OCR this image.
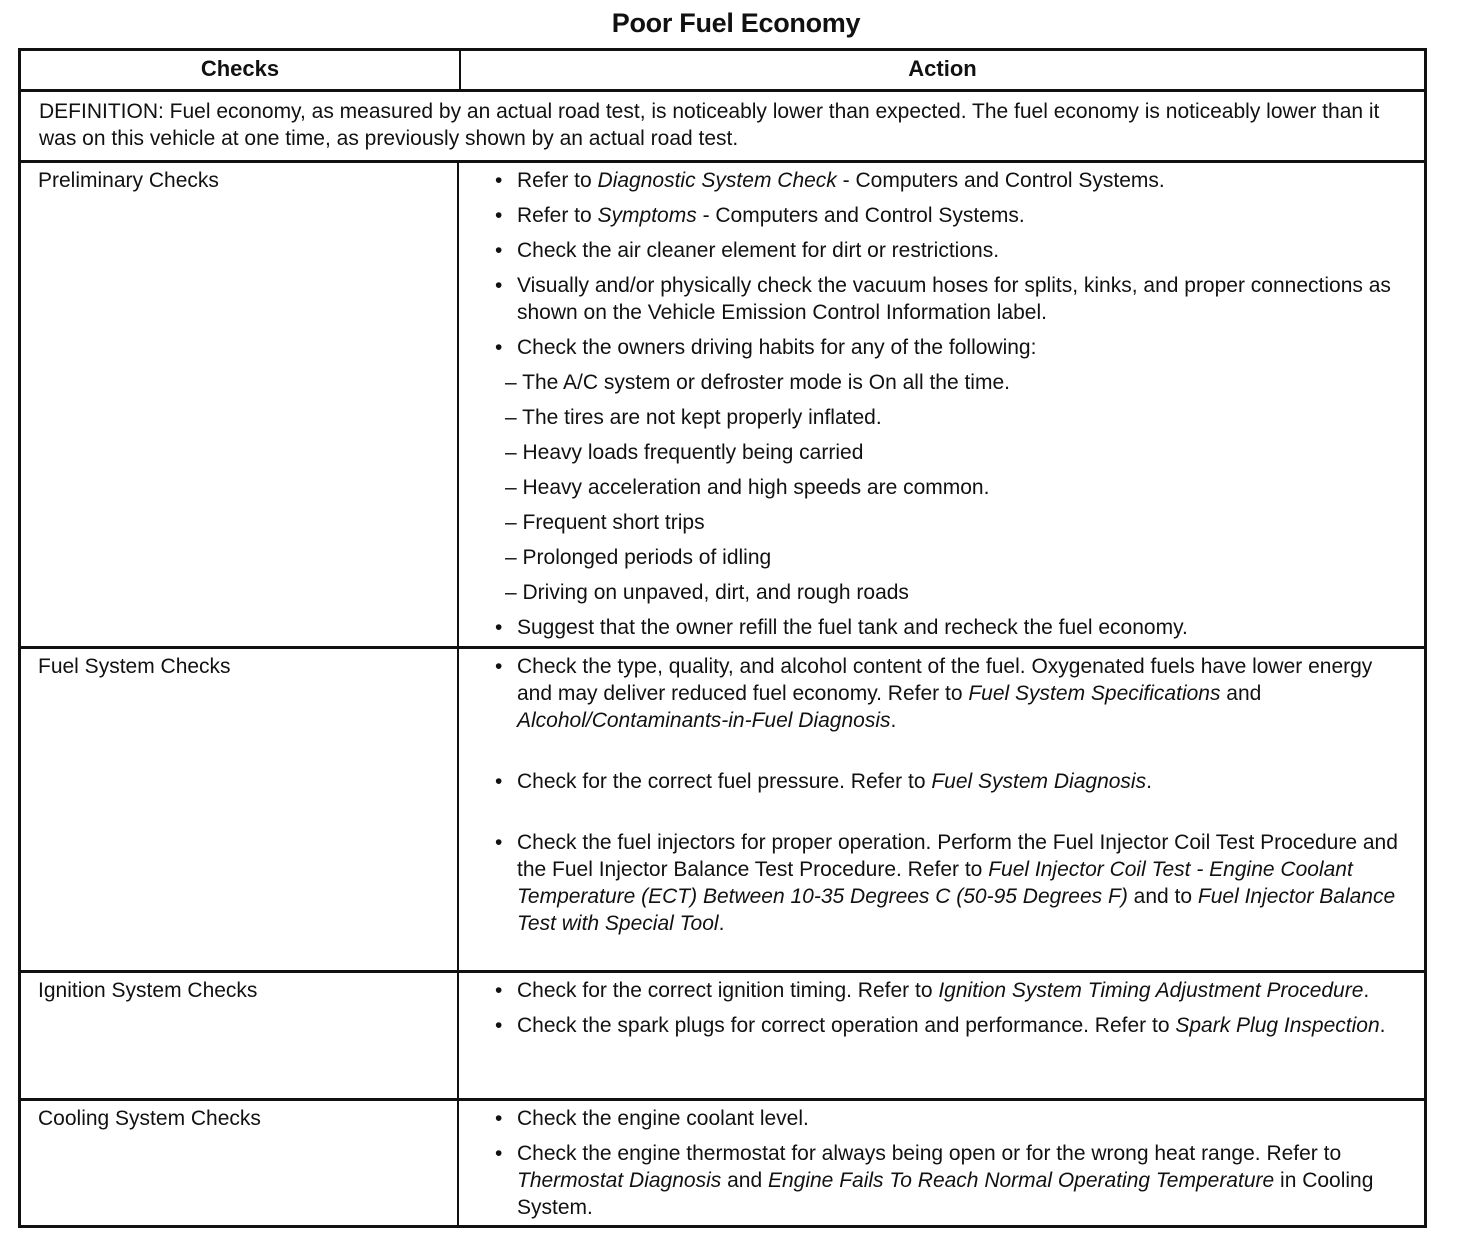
Poor Fuel Economy
Checks	Action
DEFINITION: Fuel economy, as measured by an actual road test, is noticeably lower than expected. The fuel economy is noticeably lower than it was on this vehicle at one time, as previously shown by an actual road test.
Preliminary Checks	• Refer to Diagnostic System Check - Computers and Control Systems.
• Refer to Symptoms - Computers and Control Systems.
• Check the air cleaner element for dirt or restrictions.
• Visually and/or physically check the vacuum hoses for splits, kinks, and proper connections as shown on the Vehicle Emission Control Information label.
• Check the owners driving habits for any of the following:
– The A/C system or defroster mode is On all the time.
– The tires are not kept properly inflated.
– Heavy loads frequently being carried
– Heavy acceleration and high speeds are common.
– Frequent short trips
– Prolonged periods of idling
– Driving on unpaved, dirt, and rough roads
• Suggest that the owner refill the fuel tank and recheck the fuel economy.
Fuel System Checks	• Check the type, quality, and alcohol content of the fuel. Oxygenated fuels have lower energy and may deliver reduced fuel economy. Refer to Fuel System Specifications and Alcohol/Contaminants-in-Fuel Diagnosis.
• Check for the correct fuel pressure. Refer to Fuel System Diagnosis.
• Check the fuel injectors for proper operation. Perform the Fuel Injector Coil Test Procedure and the Fuel Injector Balance Test Procedure. Refer to Fuel Injector Coil Test - Engine Coolant Temperature (ECT) Between 10-35 Degrees C (50-95 Degrees F) and to Fuel Injector Balance Test with Special Tool.
Ignition System Checks	• Check for the correct ignition timing. Refer to Ignition System Timing Adjustment Procedure.
• Check the spark plugs for correct operation and performance. Refer to Spark Plug Inspection.
Cooling System Checks	• Check the engine coolant level.
• Check the engine thermostat for always being open or for the wrong heat range. Refer to Thermostat Diagnosis and Engine Fails To Reach Normal Operating Temperature in Cooling System.
